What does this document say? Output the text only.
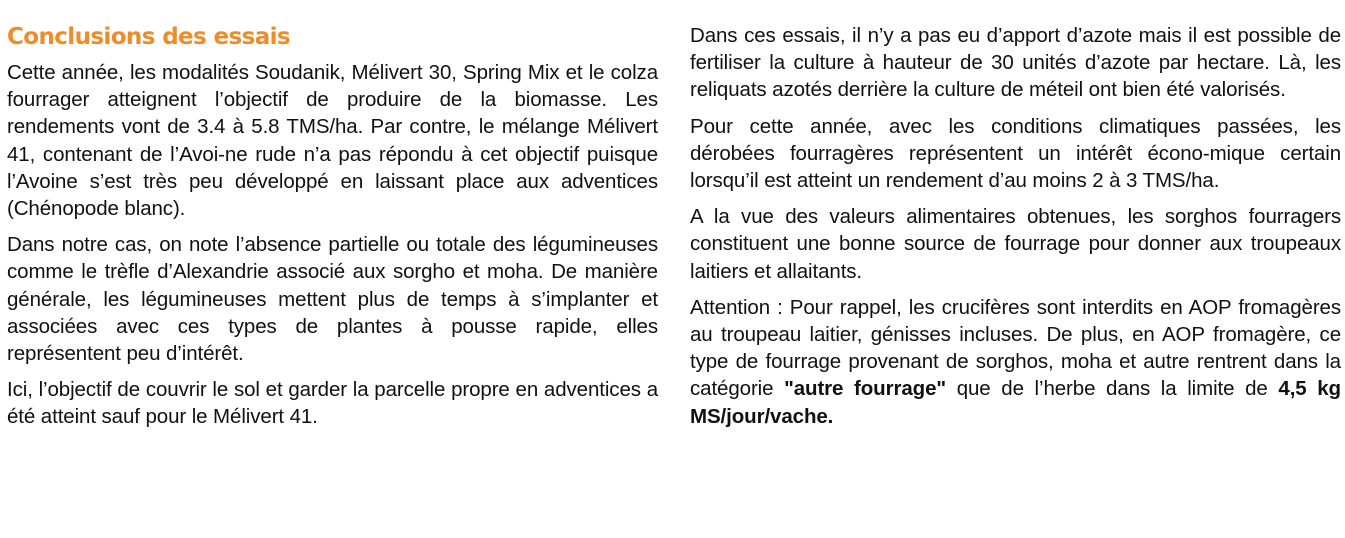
Conclusions des essais

Cette année, les modalités Soudanik, Mélivert 30, Spring Mix et le colza fourrager atteignent l’objectif de produire de la biomasse. Les rendements vont de 3.4 à 5.8 TMS/ha. Par contre, le mélange Mélivert 41, contenant de l’Avoi-ne rude n’a pas répondu à cet objectif puisque l’Avoine s’est très peu développé en laissant place aux adventices (Chénopode blanc).

Dans notre cas, on note l’absence partielle ou totale des légumineuses comme le trèfle d’Alexandrie associé aux sorgho et moha. De manière générale, les légumineuses mettent plus de temps à s’implanter et associées avec ces types de plantes à pousse rapide, elles représentent peu d’intérêt.

Ici, l’objectif de couvrir le sol et garder la parcelle propre en adventices a été atteint sauf pour le Mélivert 41.

Dans ces essais, il n’y a pas eu d’apport d’azote mais il est possible de fertiliser la culture à hauteur de 30 unités d’azote par hectare. Là, les reliquats azotés derrière la culture de méteil ont bien été valorisés.

Pour cette année, avec les conditions climatiques passées, les dérobées fourragères représentent un intérêt écono-mique certain lorsqu’il est atteint un rendement d’au moins 2 à 3 TMS/ha.

A la vue des valeurs alimentaires obtenues, les sorghos fourragers constituent une bonne source de fourrage pour donner aux troupeaux laitiers et allaitants.

Attention : Pour rappel, les crucifères sont interdits en AOP fromagères au troupeau laitier, génisses incluses. De plus, en AOP fromagère, ce type de fourrage provenant de sorghos, moha et autre rentrent dans la catégorie "autre fourrage" que de l’herbe dans la limite de 4,5 kg MS/jour/vache.
